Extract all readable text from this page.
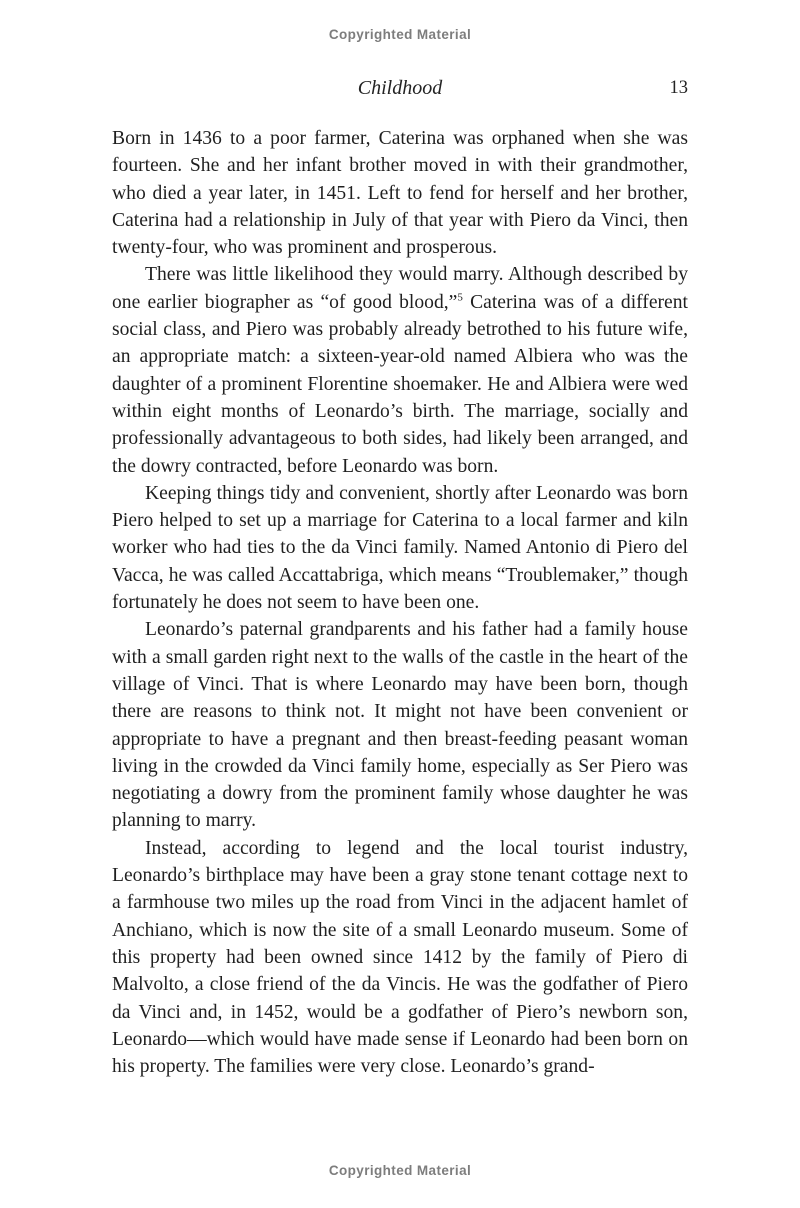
Copyrighted Material
Childhood	13

Born in 1436 to a poor farmer, Caterina was orphaned when she was fourteen. She and her infant brother moved in with their grandmother, who died a year later, in 1451. Left to fend for herself and her brother, Caterina had a relationship in July of that year with Piero da Vinci, then twenty-four, who was prominent and prosperous.

There was little likelihood they would marry. Although described by one earlier biographer as “of good blood,”$^5$ Caterina was of a different social class, and Piero was probably already betrothed to his future wife, an appropriate match: a sixteen-year-old named Albiera who was the daughter of a prominent Florentine shoemaker. He and Albiera were wed within eight months of Leonardo’s birth. The marriage, socially and professionally advantageous to both sides, had likely been arranged, and the dowry contracted, before Leonardo was born.

Keeping things tidy and convenient, shortly after Leonardo was born Piero helped to set up a marriage for Caterina to a local farmer and kiln worker who had ties to the da Vinci family. Named Antonio di Piero del Vacca, he was called Accattabriga, which means “Troublemaker,” though fortunately he does not seem to have been one.

Leonardo’s paternal grandparents and his father had a family house with a small garden right next to the walls of the castle in the heart of the village of Vinci. That is where Leonardo may have been born, though there are reasons to think not. It might not have been convenient or appropriate to have a pregnant and then breast-feeding peasant woman living in the crowded da Vinci family home, especially as Ser Piero was negotiating a dowry from the prominent family whose daughter he was planning to marry.

Instead, according to legend and the local tourist industry, Leonardo’s birthplace may have been a gray stone tenant cottage next to a farmhouse two miles up the road from Vinci in the adjacent hamlet of Anchiano, which is now the site of a small Leonardo museum. Some of this property had been owned since 1412 by the family of Piero di Malvolto, a close friend of the da Vincis. He was the godfather of Piero da Vinci and, in 1452, would be a godfather of Piero’s newborn son, Leonardo—which would have made sense if Leonardo had been born on his property. The families were very close. Leonardo’s grand-

Copyrighted Material
